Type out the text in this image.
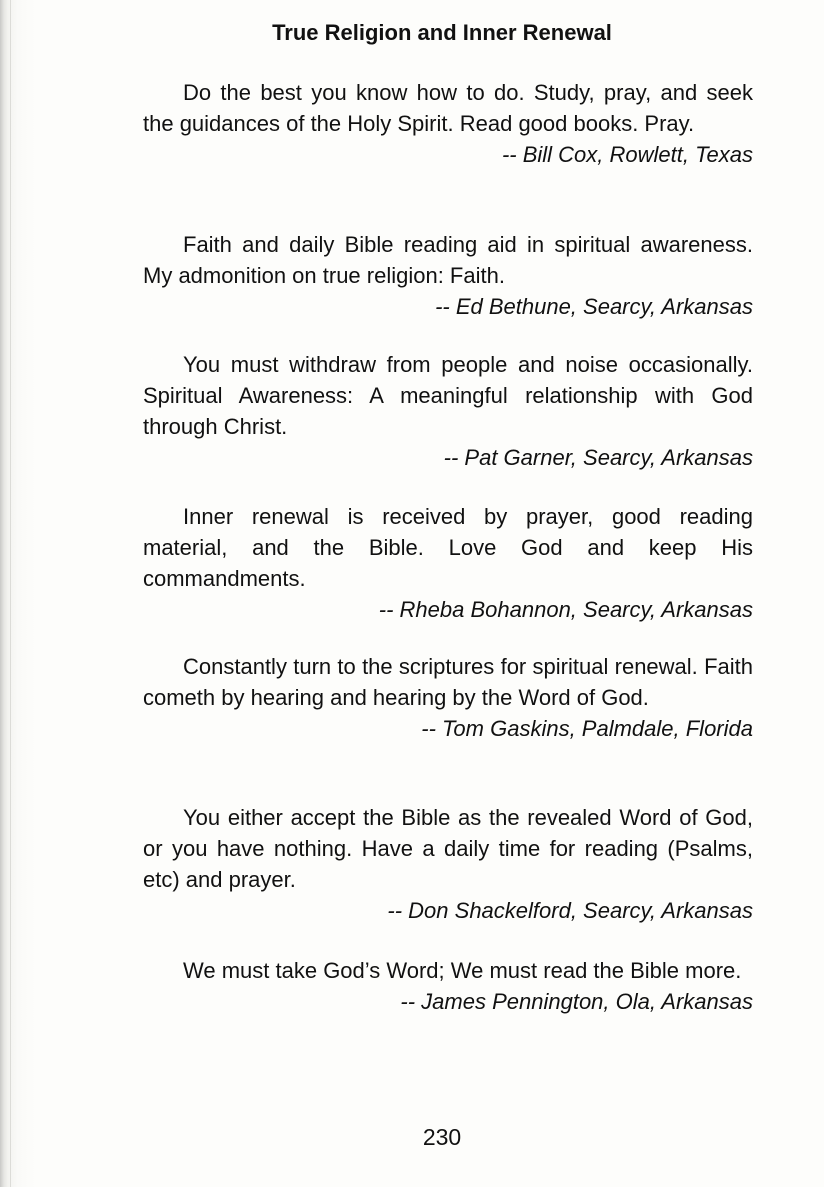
True Religion and Inner Renewal

Do the best you know how to do. Study, pray, and seek the guidances of the Holy Spirit. Read good books. Pray.

-- Bill Cox, Rowlett, Texas

Faith and daily Bible reading aid in spiritual awareness. My admonition on true religion: Faith.

-- Ed Bethune, Searcy, Arkansas

You must withdraw from people and noise occasionally. Spiritual Awareness: A meaningful relationship with God through Christ.

-- Pat Garner, Searcy, Arkansas

Inner renewal is received by prayer, good reading material, and the Bible. Love God and keep His commandments.

-- Rheba Bohannon, Searcy, Arkansas

Constantly turn to the scriptures for spiritual renewal. Faith cometh by hearing and hearing by the Word of God.

-- Tom Gaskins, Palmdale, Florida

You either accept the Bible as the revealed Word of God, or you have nothing. Have a daily time for reading (Psalms, etc) and prayer.

-- Don Shackelford, Searcy, Arkansas

We must take God’s Word; We must read the Bible more.

-- James Pennington, Ola, Arkansas

230
